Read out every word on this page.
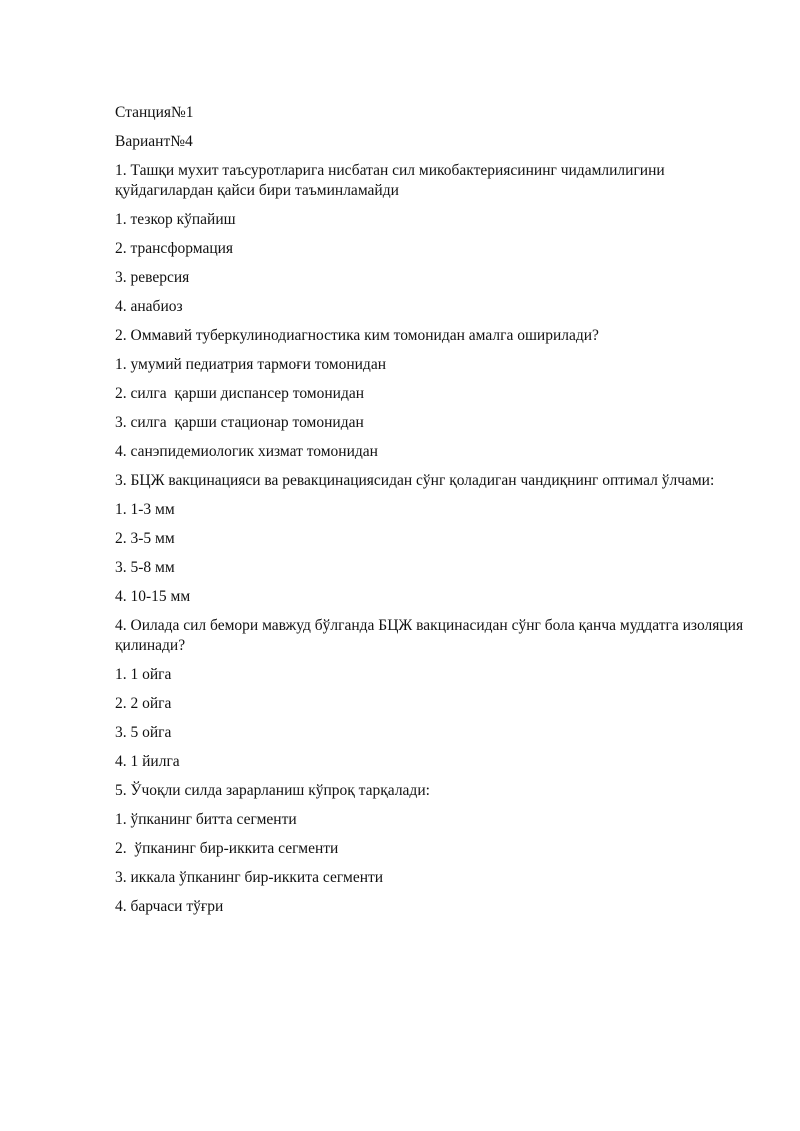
Станция№1

Вариант№4

1. Ташқи мухит таъсуротларига нисбатан сил микобактериясининг чидамлилигини қуйдагилардан қайси бири таъминламайди

1. тезкор кўпайиш

2. трансформация

3. реверсия

4. анабиоз

2. Оммавий туберкулинодиагностика ким томонидан амалга оширилади?

1. умумий педиатрия тармоғи томонидан

2. силга  қарши диспансер томонидан

3. силга  қарши стационар томонидан

4. санэпидемиологик хизмат томонидан

3. БЦЖ вакцинацияси ва ревакцинациясидан сўнг қоладиган чандиқнинг оптимал ўлчами:

1. 1-3 мм

2. 3-5 мм

3. 5-8 мм

4. 10-15 мм

4. Оилада сил бемори мавжуд бўлганда БЦЖ вакцинасидан сўнг бола қанча муддатга изоляция қилинади?

1. 1 ойга

2. 2 ойга

3. 5 ойга

4. 1 йилга

5. Ўчоқли силда зарарланиш кўпроқ тарқалади:

1. ўпканинг битта сегменти

2.  ўпканинг бир-иккита сегменти

3. иккала ўпканинг бир-иккита сегменти

4. барчаси тўғри
